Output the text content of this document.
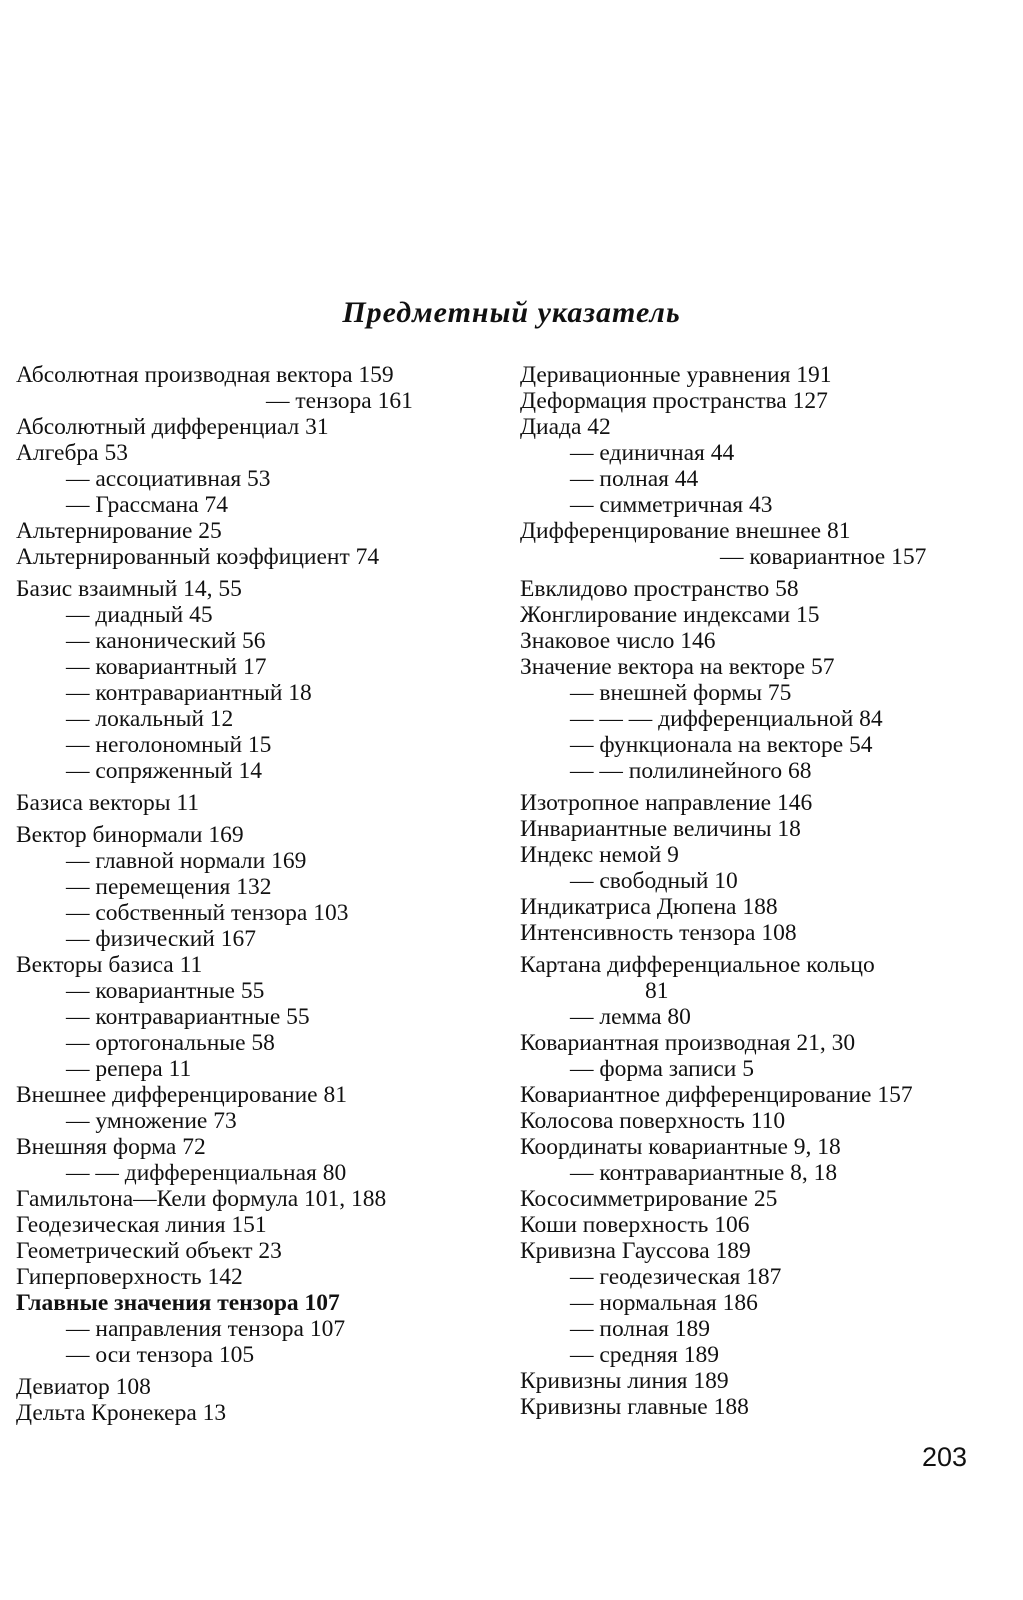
Предметный указатель

Абсолютная производная вектора 159

— тензора 161

Абсолютный дифференциал 31

Алгебра 53

— ассоциативная 53

— Грассмана 74

Альтернирование 25

Альтернированный коэффициент 74

Базис взаимный 14, 55

— диадный 45

— канонический 56

— ковариантный 17

— контравариантный 18

— локальный 12

— неголономный 15

— сопряженный 14

Базиса векторы 11

Вектор бинормали 169

— главной нормали 169

— перемещения 132

— собственный тензора 103

— физический 167

Векторы базиса 11

— ковариантные 55

— контравариантные 55

— ортогональные 58

— репера 11

Внешнее дифференцирование 81

— умножение 73

Внешняя форма 72

— — дифференциальная 80

Гамильтона—Кели формула 101, 188

Геодезическая линия 151

Геометрический объект 23

Гиперповерхность 142

Главные значения тензора 107

— направления тензора 107

— оси тензора 105

Девиатор 108

Дельта Кронекера 13

Деривационные уравнения 191

Деформация пространства 127

Диада 42

— единичная 44

— полная 44

— симметричная 43

Дифференцирование внешнее 81

— ковариантное 157

Евклидово пространство 58

Жонглирование индексами 15

Знаковое число 146

Значение вектора на векторе 57

— внешней формы 75

— — — дифференциальной 84

— функционала на векторе 54

— — полилинейного 68

Изотропное направление 146

Инвариантные величины 18

Индекс немой 9

— свободный 10

Индикатриса Дюпена 188

Интенсивность тензора 108

Картана дифференциальное кольцо
81

— лемма 80

Ковариантная производная 21, 30

— форма записи 5

Ковариантное дифференцирование 157

Колосова поверхность 110

Координаты ковариантные 9, 18

— контравариантные 8, 18

Кососимметрирование 25

Коши поверхность 106

Кривизна Гауссова 189

— геодезическая 187

— нормальная 186

— полная 189

— средняя 189

Кривизны линия 189

Кривизны главные 188

203
